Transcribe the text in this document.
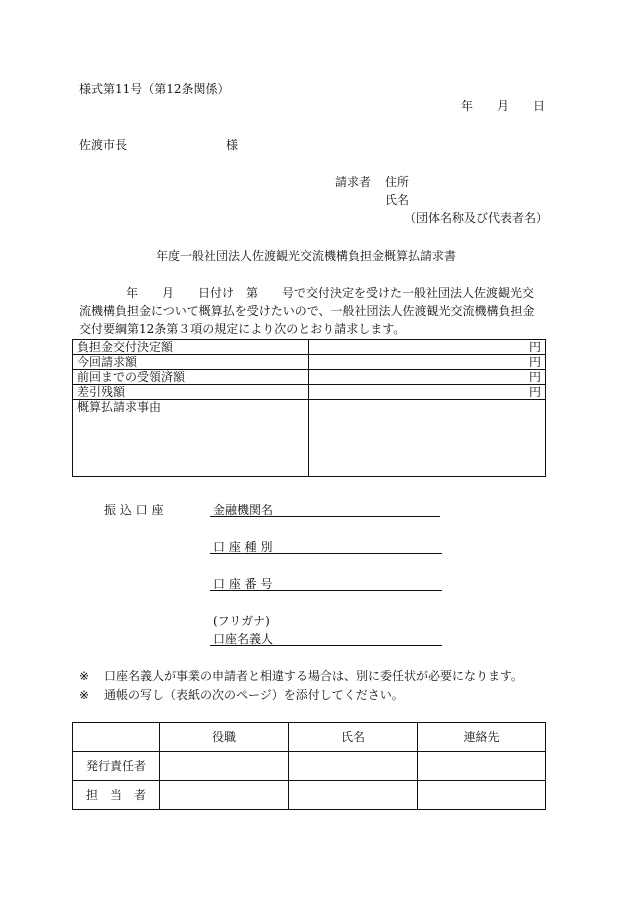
様式第11号（第12条関係）
年　　月　　日
佐渡市長	様
請求者 住所
氏名
（団体名称及び代表者名）
年度一般社団法人佐渡観光交流機構負担金概算払請求書
年　　月　　日付け　第　　号で交付決定を受けた一般社団法人佐渡観光交
流機構負担金について概算払を受けたいので、一般社団法人佐渡観光交流機構負担金
交付要綱第12条第３項の規定により次のとおり請求します。
負担金交付決定額	円
今回請求額	円
前回までの受領済額	円
差引残額	円
概算払請求事由	
振 込 口 座	金融機関名
口 座 種 別
口 座 番 号
(フリガナ)
口座名義人
※ 口座名義人が事業の申請者と相違する場合は、別に委任状が必要になります。
※ 通帳の写し（表紙の次のページ）を添付してください。
	役職	氏名	連絡先
発行責任者			
担　当　者			
